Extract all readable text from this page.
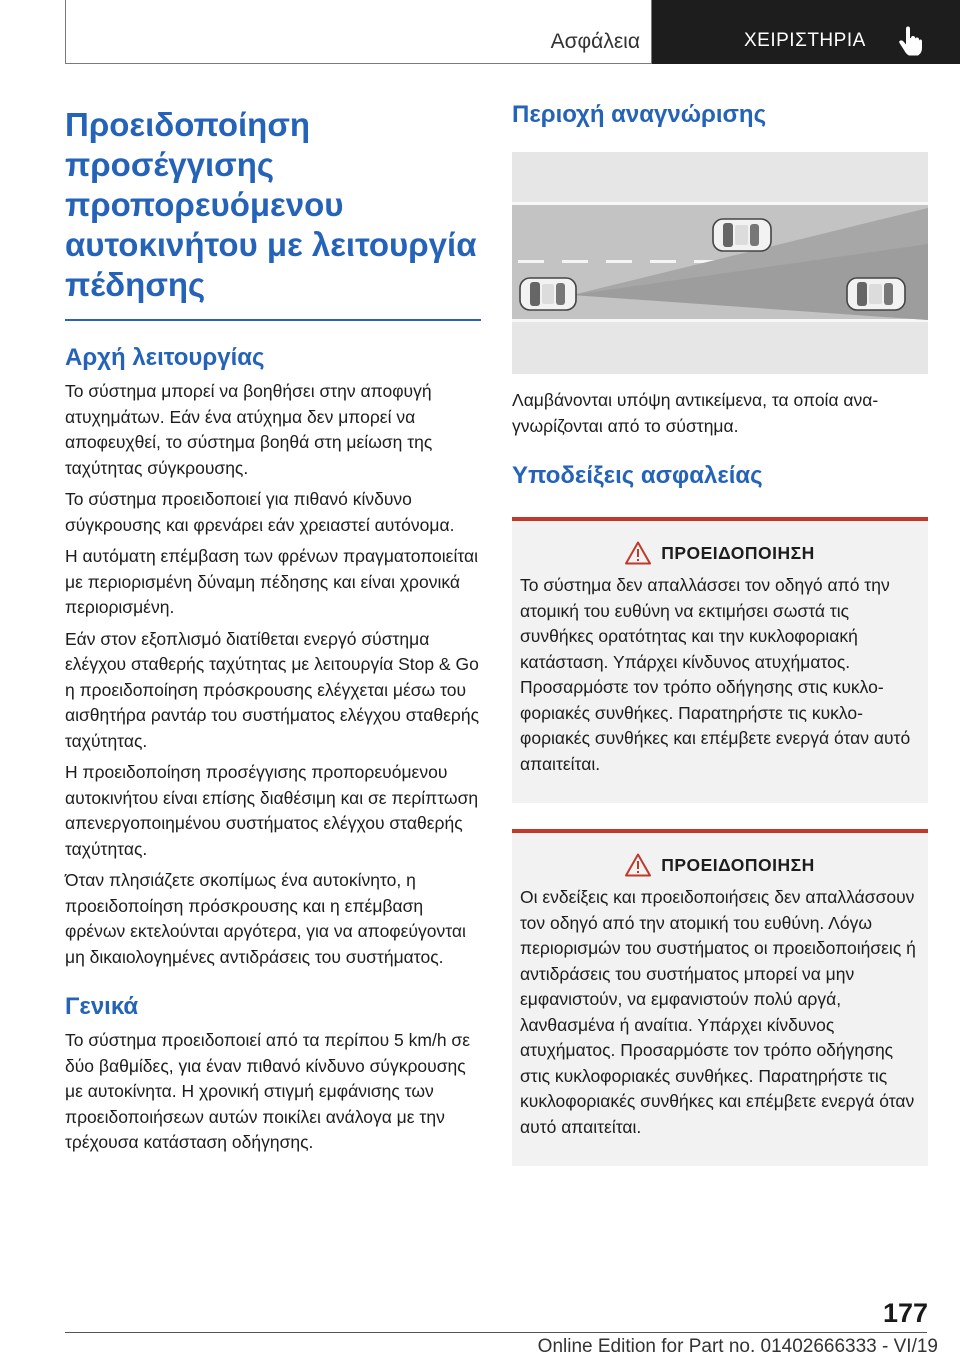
Ασφάλεια	ΧΕΙΡΙΣΤΗΡΙΑ
Προειδοποίηση
προσέγγισης
προπορευόμενου
αυτοκινήτου με λειτουργία
πέδησης
Αρχή λειτουργίας

Το σύστημα μπορεί να βοηθήσει στην αποφυγή ατυχημάτων. Εάν ένα ατύχημα δεν μπορεί να αποφευχθεί, το σύστημα βοηθά στη μείωση της ταχύτητας σύγκρουσης.

Το σύστημα προειδοποιεί για πιθανό κίνδυνο σύγκρουσης και φρενάρει εάν χρειαστεί αυτόνομα.

Η αυτόματη επέμβαση των φρένων πραγματοποιείται με περιορισμένη δύναμη πέδησης και είναι χρονικά περιορισμένη.

Εάν στον εξοπλισμό διατίθεται ενεργό σύστημα ελέγχου σταθερής ταχύτητας με λειτουργία Stop & Go η προειδοποίηση πρόσκρουσης ελέγχεται μέσω του αισθητήρα ραντάρ του συστήματος ελέγχου σταθερής ταχύτητας.

Η προειδοποίηση προσέγγισης προπορευόμενου αυτοκινήτου είναι επίσης διαθέσιμη και σε περίπτωση απενεργοποιημένου συστήματος ελέγχου σταθερής ταχύτητας.

Όταν πλησιάζετε σκοπίμως ένα αυτοκίνητο, η προειδοποίηση πρόσκρουσης και η επέμβαση φρένων εκτελούνται αργότερα, για να αποφεύγονται μη δικαιολογημένες αντιδράσεις του συστήματος.

Γενικά

Το σύστημα προειδοποιεί από τα περίπου 5 km/h σε δύο βαθμίδες, για έναν πιθανό κίνδυνο σύγκρουσης με αυτοκίνητα. Η χρονική στιγμή εμφάνισης των προειδοποιήσεων αυτών ποικίλει ανάλογα με την τρέχουσα κατάσταση οδήγησης.

Περιοχή αναγνώρισης

Λαμβάνονται υπόψη αντικείμενα, τα οποία αναγνωρίζονται από το σύστημα.

Υποδείξεις ασφαλείας
ΠΡΟΕΙΔΟΠΟΙΗΣΗ

Το σύστημα δεν απαλλάσσει τον οδηγό από την ατομική του ευθύνη να εκτιμήσει σωστά τις συνθήκες ορατότητας και την κυκλοφοριακή κατάσταση. Υπάρχει κίνδυνος ατυχήματος. Προσαρμόστε τον τρόπο οδήγησης στις κυκλοφοριακές συνθήκες. Παρατηρήστε τις κυκλοφοριακές συνθήκες και επέμβετε ενεργά όταν αυτό απαιτείται.

ΠΡΟΕΙΔΟΠΟΙΗΣΗ

Οι ενδείξεις και προειδοποιήσεις δεν απαλλάσσουν τον οδηγό από την ατομική του ευθύνη. Λόγω περιορισμών του συστήματος οι προειδοποιήσεις ή αντιδράσεις του συστήματος μπορεί να μην εμφανιστούν, να εμφανιστούν πολύ αργά, λανθασμένα ή αναίτια. Υπάρχει κίνδυνος ατυχήματος. Προσαρμόστε τον τρόπο οδήγησης στις κυκλοφοριακές συνθήκες. Παρατηρήστε τις κυκλοφοριακές συνθήκες και επέμβετε ενεργά όταν αυτό απαιτείται.

177
Online Edition for Part no. 01402666333 - VI/19
